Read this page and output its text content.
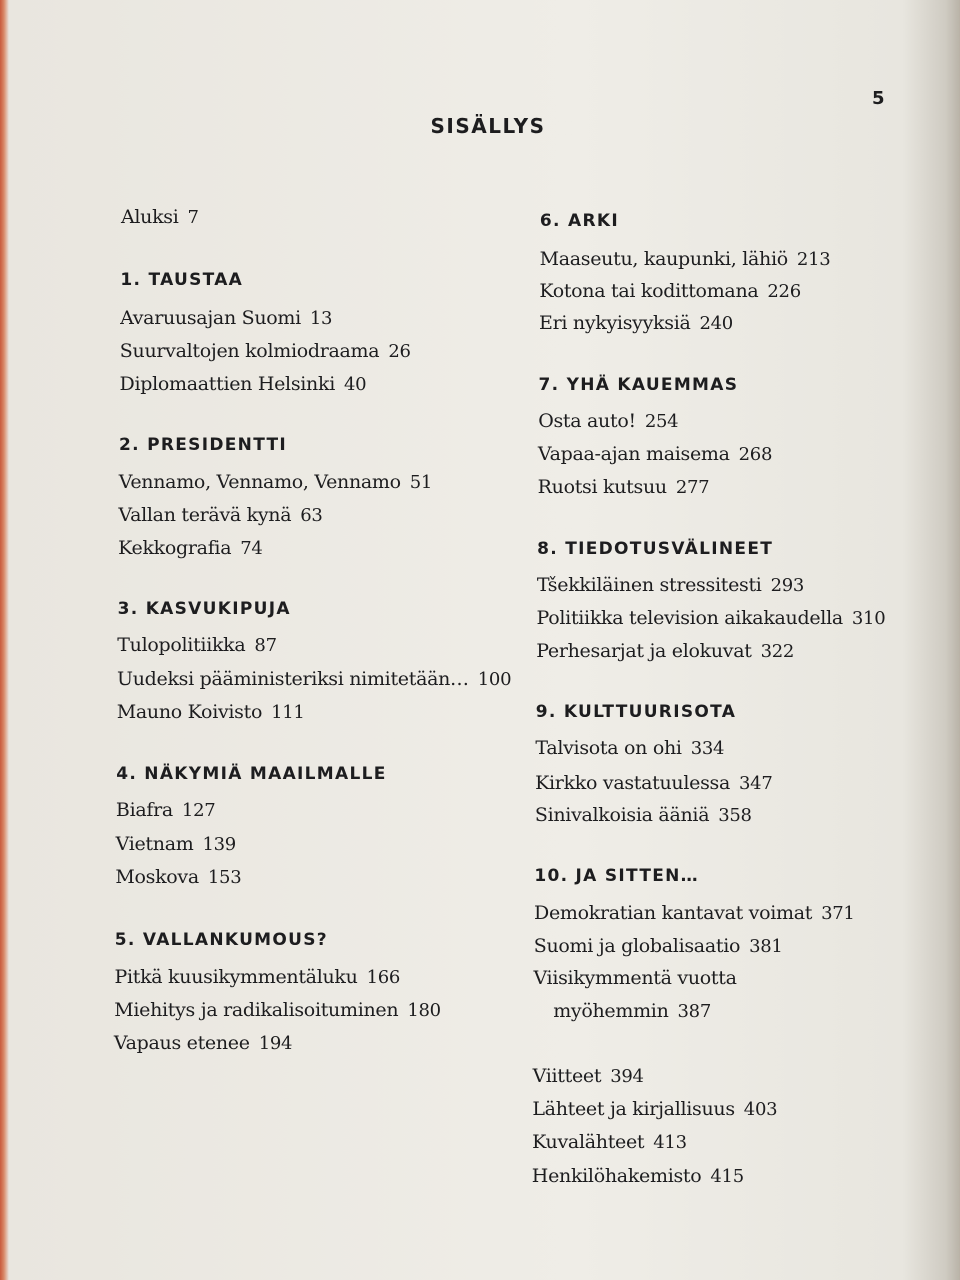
SISÄLLYS
5
Aluksi 7
1. TAUSTAA
Avaruusajan Suomi 13
Suurvaltojen kolmiodraama 26
Diplomaattien Helsinki 40
2. PRESIDENTTI
Vennamo, Vennamo, Vennamo 51
Vallan terävä kynä 63
Kekkografia 74
3. KASVUKIPUJA
Tulopolitiikka 87
Uudeksi pääministeriksi nimitetään… 100
Mauno Koivisto 111
4. NÄKYMIÄ MAAILMALLE
Biafra 127
Vietnam 139
Moskova 153
5. VALLANKUMOUS?
Pitkä kuusikymmentäluku 166
Miehitys ja radikalisoituminen 180
Vapaus etenee 194
6. ARKI
Maaseutu, kaupunki, lähiö 213
Kotona tai kodittomana 226
Eri nykyisyyksiä 240
7. YHÄ KAUEMMAS
Osta auto! 254
Vapaa-ajan maisema 268
Ruotsi kutsuu 277
8. TIEDOTUSVÄLINEET
Tšekkiläinen stressitesti 293
Politiikka television aikakaudella 310
Perhesarjat ja elokuvat 322
9. KULTTUURISOTA
Talvisota on ohi 334
Kirkko vastatuulessa 347
Sinivalkoisia ääniä 358
10. JA SITTEN…
Demokratian kantavat voimat 371
Suomi ja globalisaatio 381
Viisikymmentä vuotta
myöhemmin 387
Viitteet 394
Lähteet ja kirjallisuus 403
Kuvalähteet 413
Henkilöhakemisto 415
